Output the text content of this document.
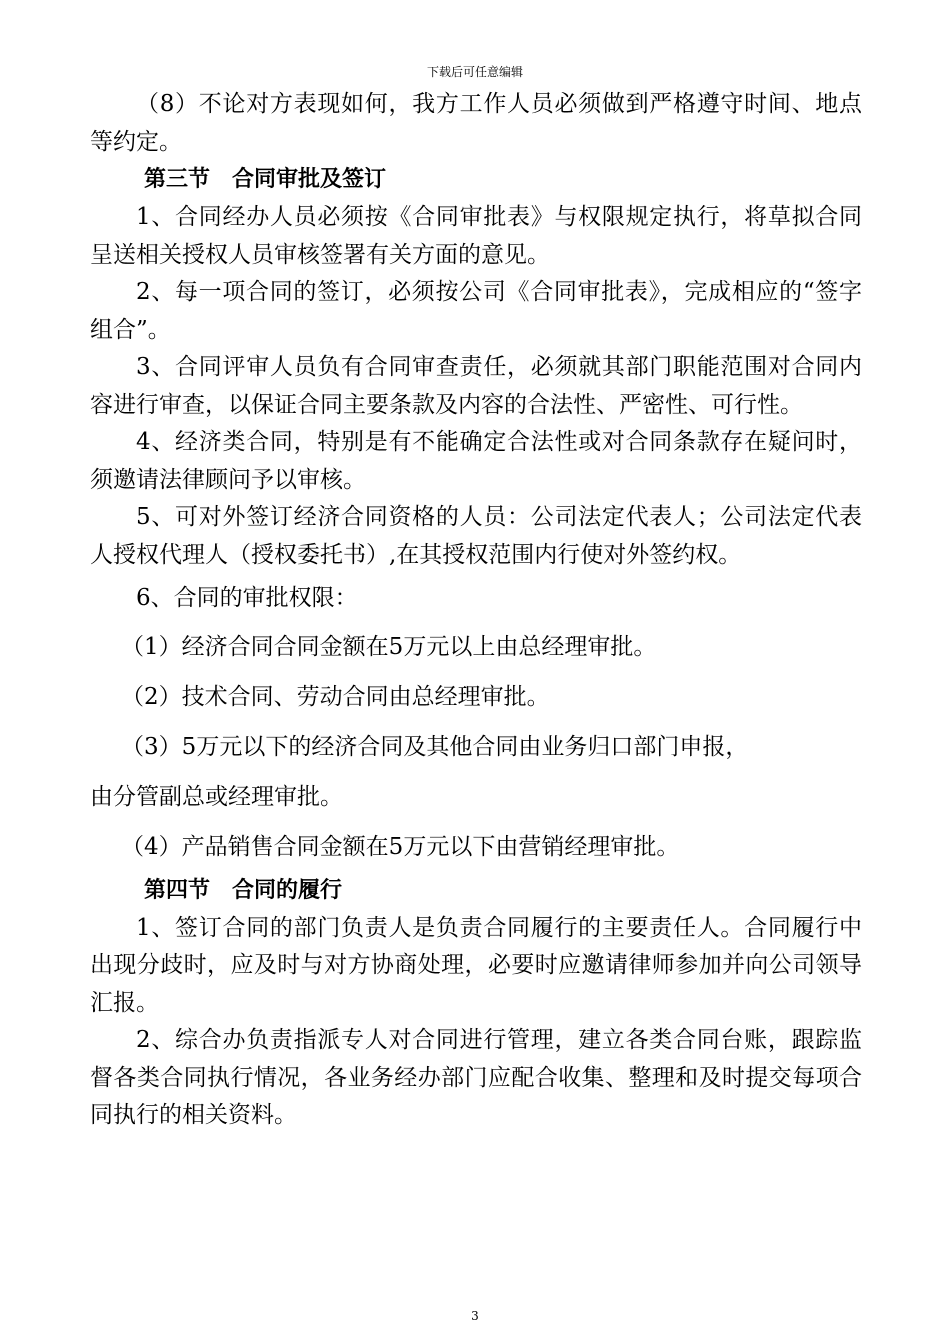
下载后可任意编辑

（8）不论对方表现如何，我方工作人员必须做到严格遵守时间、地点等约定。

第三节　合同审批及签订

1、合同经办人员必须按《合同审批表》与权限规定执行，将草拟合同呈送相关授权人员审核签署有关方面的意见。

2、每一项合同的签订，必须按公司《合同审批表》，完成相应的“签字组合”。

3、合同评审人员负有合同审查责任，必须就其部门职能范围对合同内容进行审查，以保证合同主要条款及内容的合法性、严密性、可行性。

4、经济类合同，特别是有不能确定合法性或对合同条款存在疑问时，须邀请法律顾问予以审核。

5、可对外签订经济合同资格的人员：公司法定代表人；公司法定代表人授权代理人（授权委托书）,在其授权范围内行使对外签约权。

6、合同的审批权限：

（1）经济合同合同金额在5万元以上由总经理审批。

（2）技术合同、劳动合同由总经理审批。

（3）5万元以下的经济合同及其他合同由业务归口部门申报，

由分管副总或经理审批。

（4）产品销售合同金额在5万元以下由营销经理审批。

第四节　合同的履行

1、签订合同的部门负责人是负责合同履行的主要责任人。合同履行中出现分歧时，应及时与对方协商处理，必要时应邀请律师参加并向公司领导汇报。

2、综合办负责指派专人对合同进行管理，建立各类合同台账，跟踪监督各类合同执行情况，各业务经办部门应配合收集、整理和及时提交每项合同执行的相关资料。

3
